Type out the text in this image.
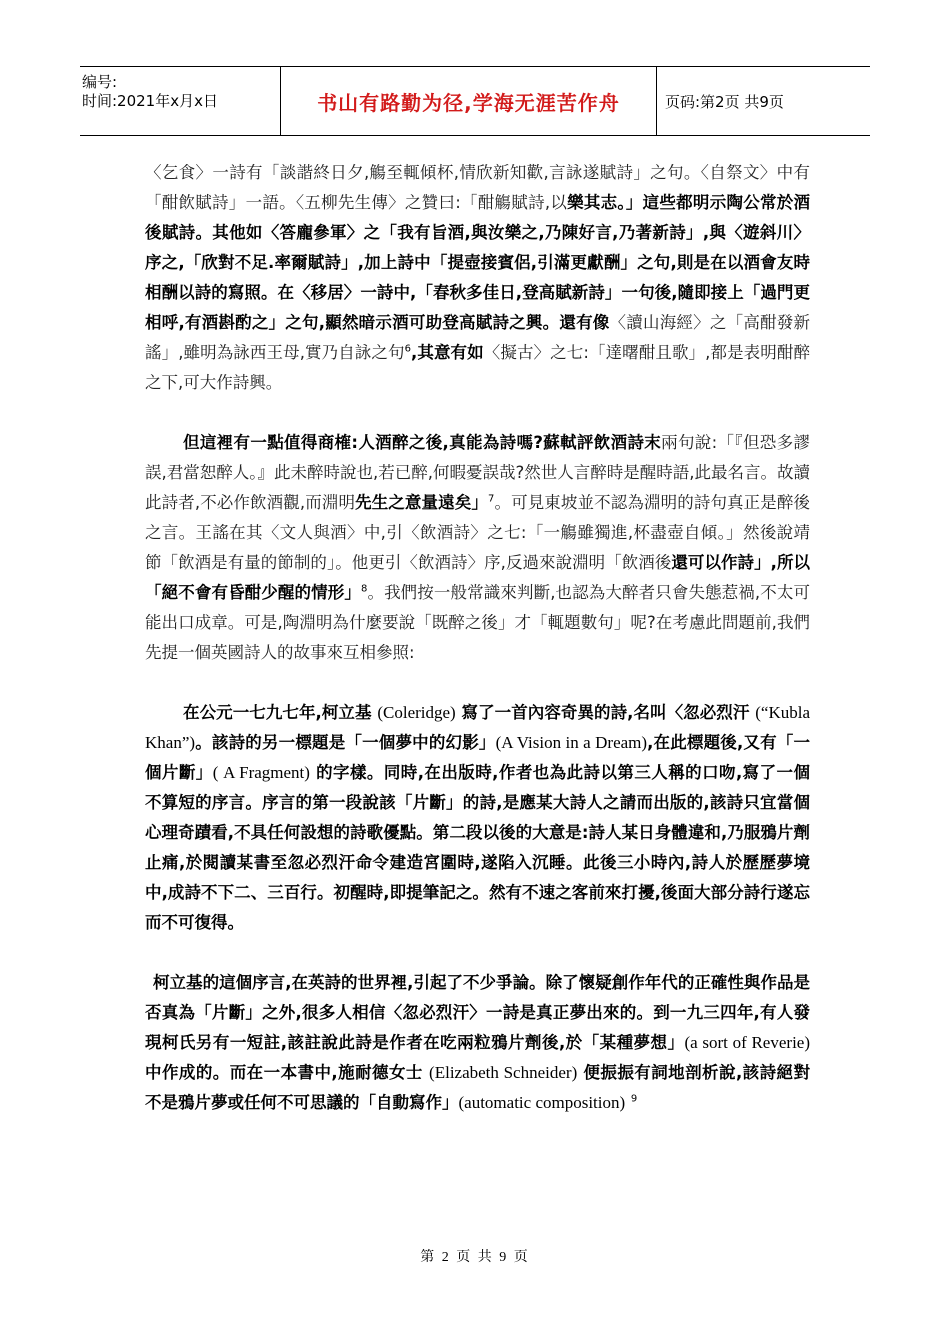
编号:
时间:2021年x月x日	书山有路勤为径,学海无涯苦作舟	页码:第2页 共9页

〈乞食〉一詩有「談諧終日夕,觴至輒傾杯,情欣新知歡,言詠遂賦詩」之句。〈自祭文〉中有「酣飲賦詩」一語。〈五柳先生傳〉之贊曰:「酣觴賦詩,以樂其志。」這些都明示陶公常於酒後賦詩。其他如〈答龐參軍〉之「我有旨酒,與汝樂之,乃陳好言,乃著新詩」,與〈遊斜川〉序之,「欣對不足.率爾賦詩」,加上詩中「提壺接賓侶,引滿更獻酬」之句,則是在以酒會友時相酬以詩的寫照。在〈移居〉一詩中,「春秋多佳日,登高賦新詩」一句後,隨即接上「過門更相呼,有酒斟酌之」之句,顯然暗示酒可助登高賦詩之興。還有像〈讀山海經〉之「高酣發新謠」,雖明為詠西王母,實乃自詠之句$^6$,其意有如〈擬古〉之七:「達曙酣且歌」,都是表明酣醉之下,可大作詩興。

但這裡有一點值得商榷:人酒醉之後,真能為詩嗎?蘇軾評飲酒詩末兩句說:「『但恐多謬誤,君當恕醉人。』此未醉時說也,若已醉,何暇憂誤哉?然世人言醉時是醒時語,此最名言。故讀此詩者,不必作飲酒觀,而淵明先生之意量遠矣」$^7$。可見東坡並不認為淵明的詩句真正是醉後之言。王謠在其〈文人與酒〉中,引〈飲酒詩〉之七:「一觴雖獨進,杯盡壺自傾。」然後說靖節「飲酒是有量的節制的」。他更引〈飲酒詩〉序,反過來說淵明「飲酒後還可以作詩」,所以「絕不會有昏酣少醒的情形」$^8$。我們按一般常識來判斷,也認為大醉者只會失態惹禍,不太可能出口成章。可是,陶淵明為什麼要說「既醉之後」才「輒題數句」呢?在考慮此問題前,我們先提一個英國詩人的故事來互相參照:

在公元一七九七年,柯立基 (Coleridge) 寫了一首內容奇異的詩,名叫〈忽必烈汗 (“Kubla Khan”)。該詩的另一標題是「一個夢中的幻影」(A Vision in a Dream),在此標題後,又有「一個片斷」( A Fragment) 的字樣。同時,在出版時,作者也為此詩以第三人稱的口吻,寫了一個不算短的序言。序言的第一段說該「片斷」的詩,是應某大詩人之請而出版的,該詩只宜當個心理奇蹟看,不具任何設想的詩歌優點。第二段以後的大意是:詩人某日身體違和,乃服鴉片劑止痛,於閱讀某書至忽必烈汗命令建造宮圍時,遂陷入沉睡。此後三小時內,詩人於歷歷夢境中,成詩不下二、三百行。初醒時,即提筆記之。然有不速之客前來打擾,後面大部分詩行遂忘而不可復得。

柯立基的這個序言,在英詩的世界裡,引起了不少爭論。除了懷疑創作年代的正確性與作品是否真為「片斷」之外,很多人相信〈忽必烈汗〉一詩是真正夢出來的。到一九三四年,有人發現柯氏另有一短註,該註說此詩是作者在吃兩粒鴉片劑後,於「某種夢想」(a sort of Reverie) 中作成的。而在一本書中,施耐德女士 (Elizabeth Schneider) 便振振有詞地剖析說,該詩絕對不是鴉片夢或任何不可思議的「自動寫作」(automatic composition) $^9$

第 2 页 共 9 页
